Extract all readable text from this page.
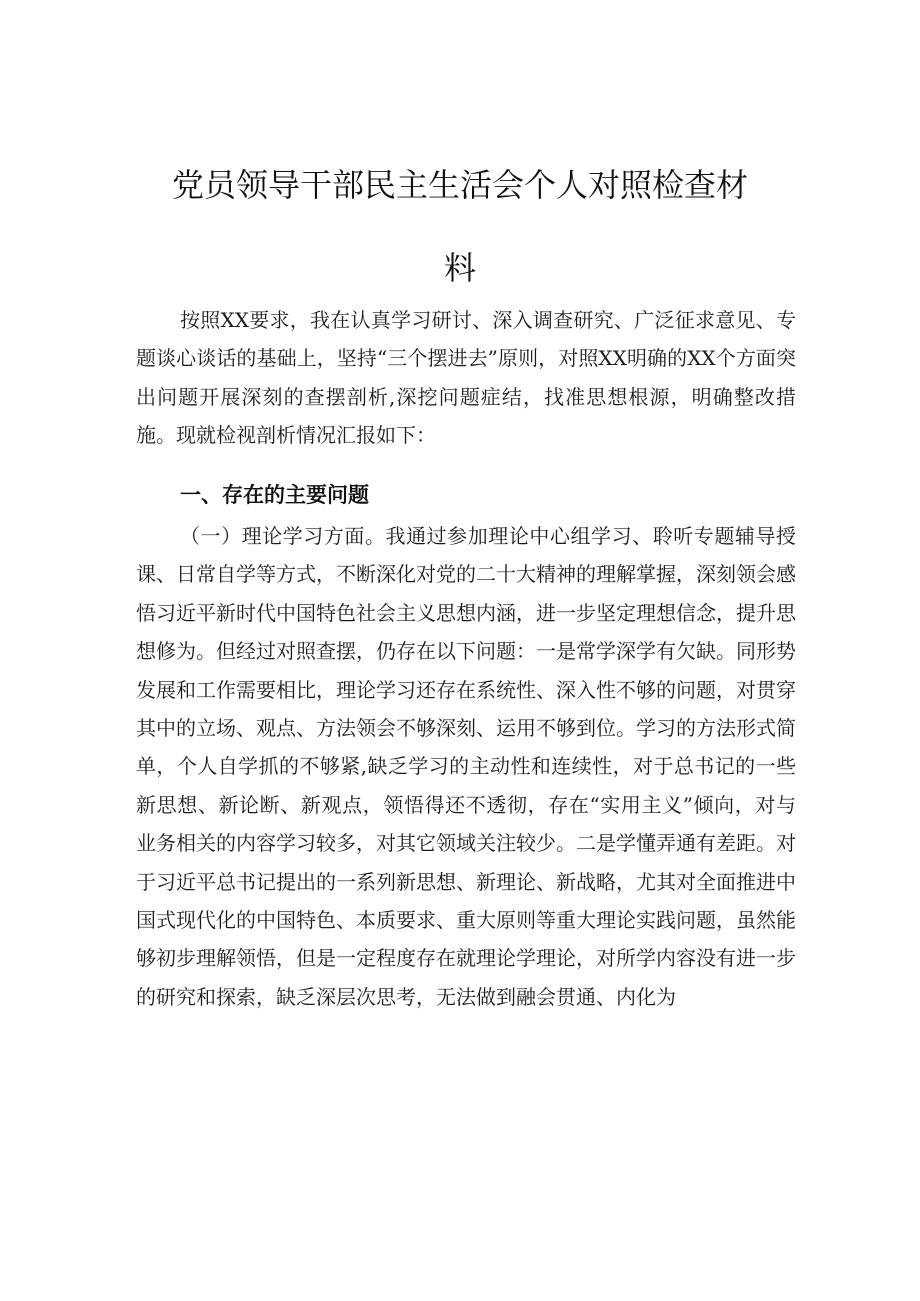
党员领导干部民主生活会个人对照检查材
料

按照XX要求，我在认真学习研讨、深入调查研究、广泛征求意见、专题谈心谈话的基础上，坚持“三个摆进去”原则，对照XX明确的XX个方面突出问题开展深刻的查摆剖析,深挖问题症结，找准思想根源，明确整改措施。现就检视剖析情况汇报如下：

一、存在的主要问题

（一）理论学习方面。我通过参加理论中心组学习、聆听专题辅导授课、日常自学等方式，不断深化对党的二十大精神的理解掌握，深刻领会感悟习近平新时代中国特色社会主义思想内涵，进一步坚定理想信念，提升思想修为。但经过对照查摆，仍存在以下问题：一是常学深学有欠缺。同形势发展和工作需要相比，理论学习还存在系统性、深入性不够的问题，对贯穿其中的立场、观点、方法领会不够深刻、运用不够到位。学习的方法形式简单，个人自学抓的不够紧,缺乏学习的主动性和连续性，对于总书记的一些新思想、新论断、新观点，领悟得还不透彻，存在“实用主义”倾向，对与业务相关的内容学习较多，对其它领域关注较少。二是学懂弄通有差距。对于习近平总书记提出的一系列新思想、新理论、新战略，尤其对全面推进中国式现代化的中国特色、本质要求、重大原则等重大理论实践问题，虽然能够初步理解领悟，但是一定程度存在就理论学理论，对所学内容没有进一步的研究和探索，缺乏深层次思考，无法做到融会贯通、内化为
